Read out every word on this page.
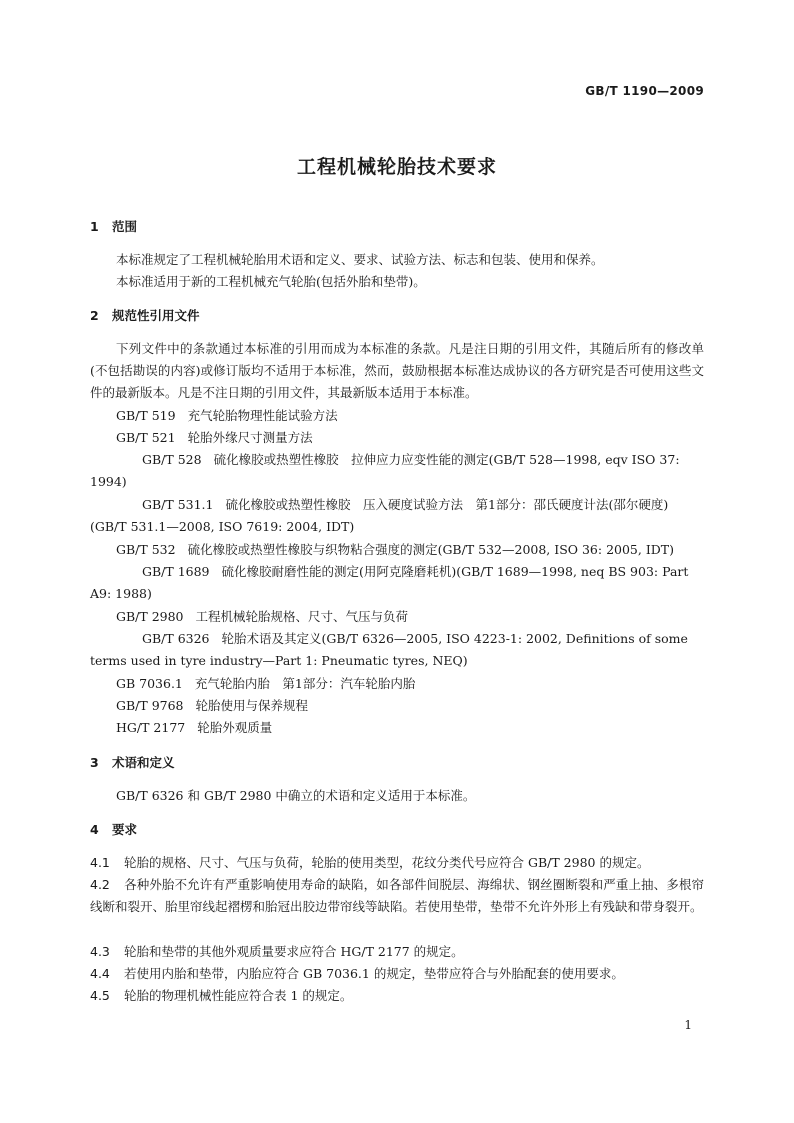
GB/T 1190—2009
工程机械轮胎技术要求
1 范围
本标准规定了工程机械轮胎用术语和定义、要求、试验方法、标志和包装、使用和保养。
本标准适用于新的工程机械充气轮胎(包括外胎和垫带)。
2 规范性引用文件
下列文件中的条款通过本标准的引用而成为本标准的条款。凡是注日期的引用文件，其随后所有的修改单(不包括勘误的内容)或修订版均不适用于本标准，然而，鼓励根据本标准达成协议的各方研究是否可使用这些文件的最新版本。凡是不注日期的引用文件，其最新版本适用于本标准。
GB/T 519 充气轮胎物理性能试验方法
GB/T 521 轮胎外缘尺寸测量方法
GB/T 528 硫化橡胶或热塑性橡胶　拉伸应力应变性能的测定(GB/T 528—1998, eqv ISO 37: 1994)
GB/T 531.1 硫化橡胶或热塑性橡胶　压入硬度试验方法　第1部分：邵氏硬度计法(邵尔硬度)(GB/T 531.1—2008, ISO 7619: 2004, IDT)
GB/T 532 硫化橡胶或热塑性橡胶与织物粘合强度的测定(GB/T 532—2008, ISO 36: 2005, IDT)
GB/T 1689 硫化橡胶耐磨性能的测定(用阿克隆磨耗机)(GB/T 1689—1998, neq BS 903: Part A9: 1988)
GB/T 2980 工程机械轮胎规格、尺寸、气压与负荷
GB/T 6326 轮胎术语及其定义(GB/T 6326—2005, ISO 4223-1: 2002, Definitions of some terms used in tyre industry—Part 1: Pneumatic tyres, NEQ)
GB 7036.1 充气轮胎内胎　第1部分：汽车轮胎内胎
GB/T 9768 轮胎使用与保养规程
HG/T 2177 轮胎外观质量
3 术语和定义
GB/T 6326 和 GB/T 2980 中确立的术语和定义适用于本标准。
4 要求
4.1 轮胎的规格、尺寸、气压与负荷，轮胎的使用类型，花纹分类代号应符合 GB/T 2980 的规定。
4.2 各种外胎不允许有严重影响使用寿命的缺陷，如各部件间脱层、海绵状、钢丝圈断裂和严重上抽、多根帘线断和裂开、胎里帘线起褶楞和胎冠出胶边带帘线等缺陷。若使用垫带，垫带不允许外形上有残缺和带身裂开。
4.3 轮胎和垫带的其他外观质量要求应符合 HG/T 2177 的规定。
4.4 若使用内胎和垫带，内胎应符合 GB 7036.1 的规定，垫带应符合与外胎配套的使用要求。
4.5 轮胎的物理机械性能应符合表 1 的规定。
1
